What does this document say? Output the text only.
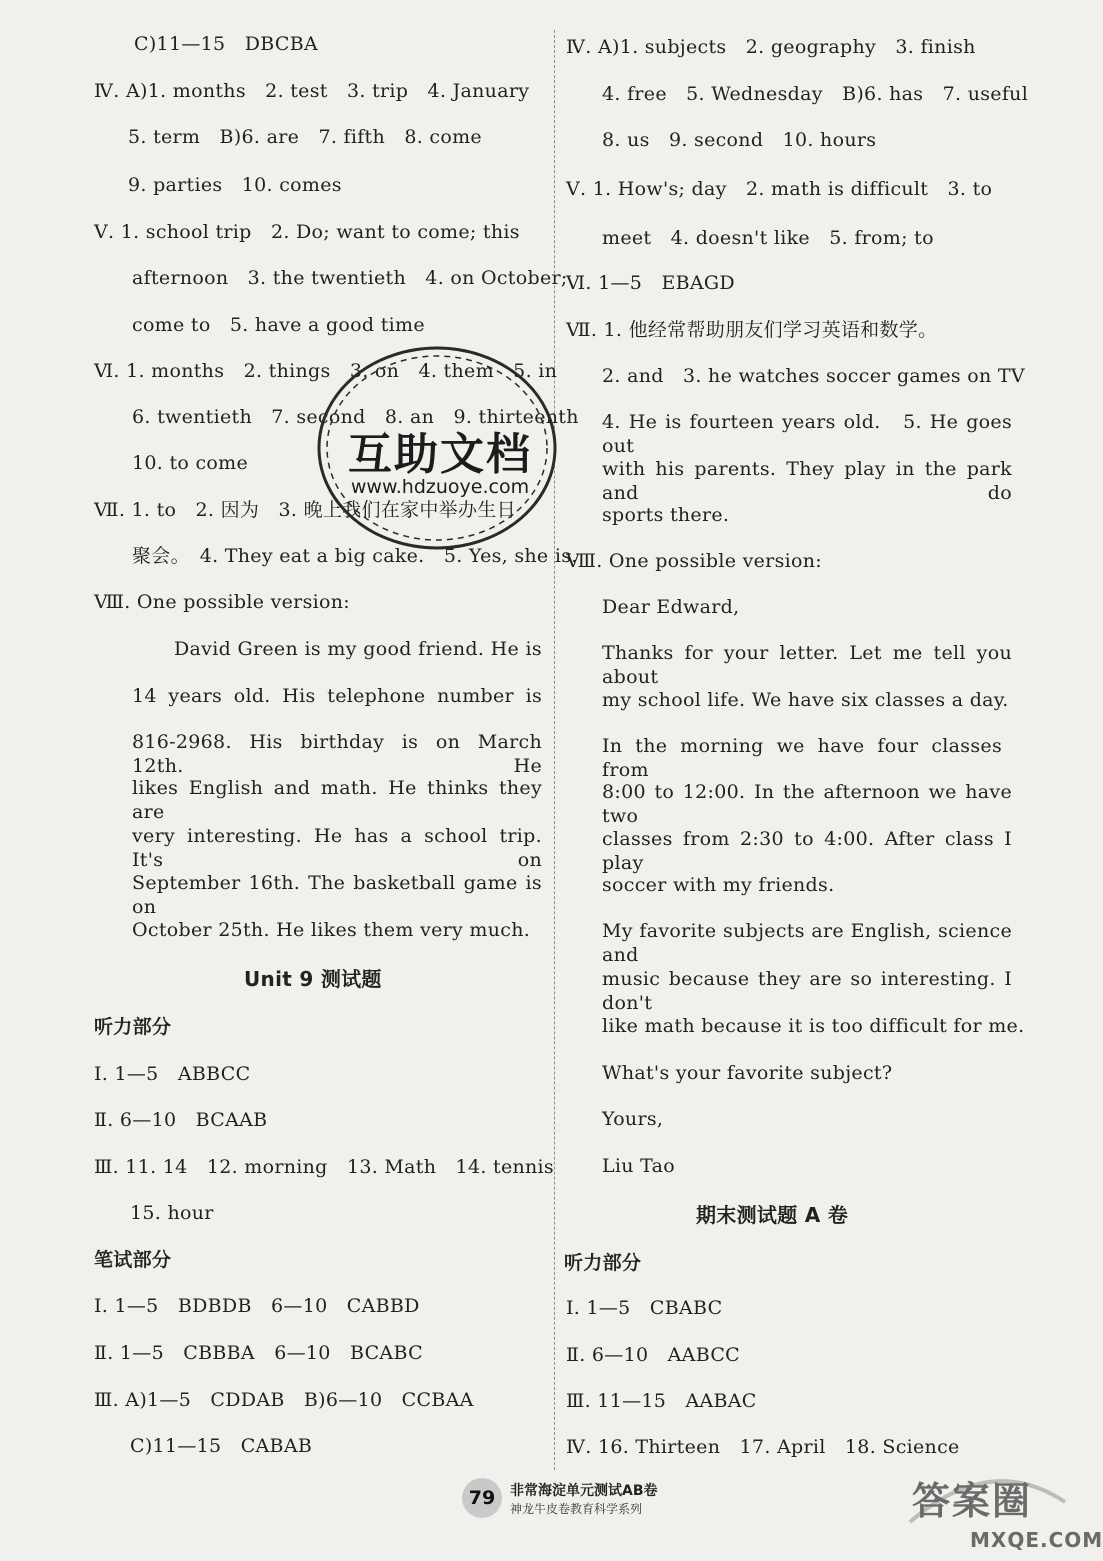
C)11—15　DBCBA
Ⅳ. A)1. months　2. test　3. trip　4. January
5. term　B)6. are　7. fifth　8. come
9. parties　10. comes
Ⅴ. 1. school trip　2. Do; want to come; this
afternoon　3. the twentieth　4. on October;
come to　5. have a good time
Ⅵ. 1. months　2. things　3. on　4. them　5. in
6. twentieth　7. second　8. an　9. thirteenth
10. to come
Ⅶ. 1. to　2. 因为　3. 晚上我们在家中举办生日
聚会。　4. They eat a big cake.　5. Yes, she is.
Ⅷ. One possible version:
David Green is my good friend. He is
14 years old. His telephone number is
816-2968. His birthday is on March 12th. He
likes English and math. He thinks they are
very interesting. He has a school trip. It's on
September 16th. The basketball game is on
October 25th. He likes them very much.
Unit 9 测试题
听力部分
Ⅰ. 1—5　ABBCC
Ⅱ. 6—10　BCAAB
Ⅲ. 11. 14　12. morning　13. Math　14. tennis
15. hour
笔试部分
Ⅰ. 1—5　BDBDB　6—10　CABBD
Ⅱ. 1—5　CBBBA　6—10　BCABC
Ⅲ. A)1—5　CDDAB　B)6—10　CCBAA
C)11—15　CABAB
Ⅳ. A)1. subjects　2. geography　3. finish
4. free　5. Wednesday　B)6. has　7. useful
8. us　9. second　10. hours
Ⅴ. 1. How's; day　2. math is difficult　3. to
meet　4. doesn't like　5. from; to
Ⅵ. 1—5　EBAGD
Ⅶ. 1. 他经常帮助朋友们学习英语和数学。
2. and　3. he watches soccer games on TV
4. He is fourteen years old.　5. He goes out
with his parents. They play in the park and do
sports there.
Ⅷ. One possible version:
Dear Edward,
Thanks for your letter. Let me tell you about
my school life. We have six classes a day.
In the morning we have four classes from
8:00 to 12:00. In the afternoon we have two
classes from 2:30 to 4:00. After class I play
soccer with my friends.
My favorite subjects are English, science and
music because they are so interesting. I don't
like math because it is too difficult for me.
What's your favorite subject?
Yours,
Liu Tao
期末测试题 A 卷
听力部分
Ⅰ. 1—5　CBABC
Ⅱ. 6—10　AABCC
Ⅲ. 11—15　AABAC
Ⅳ. 16. Thirteen　17. April　18. Science
互助文档
www.hdzuoye.com
79	非常海淀单元测试AB卷
神龙牛皮卷教育科学系列	答案圈
MXQE.COM
